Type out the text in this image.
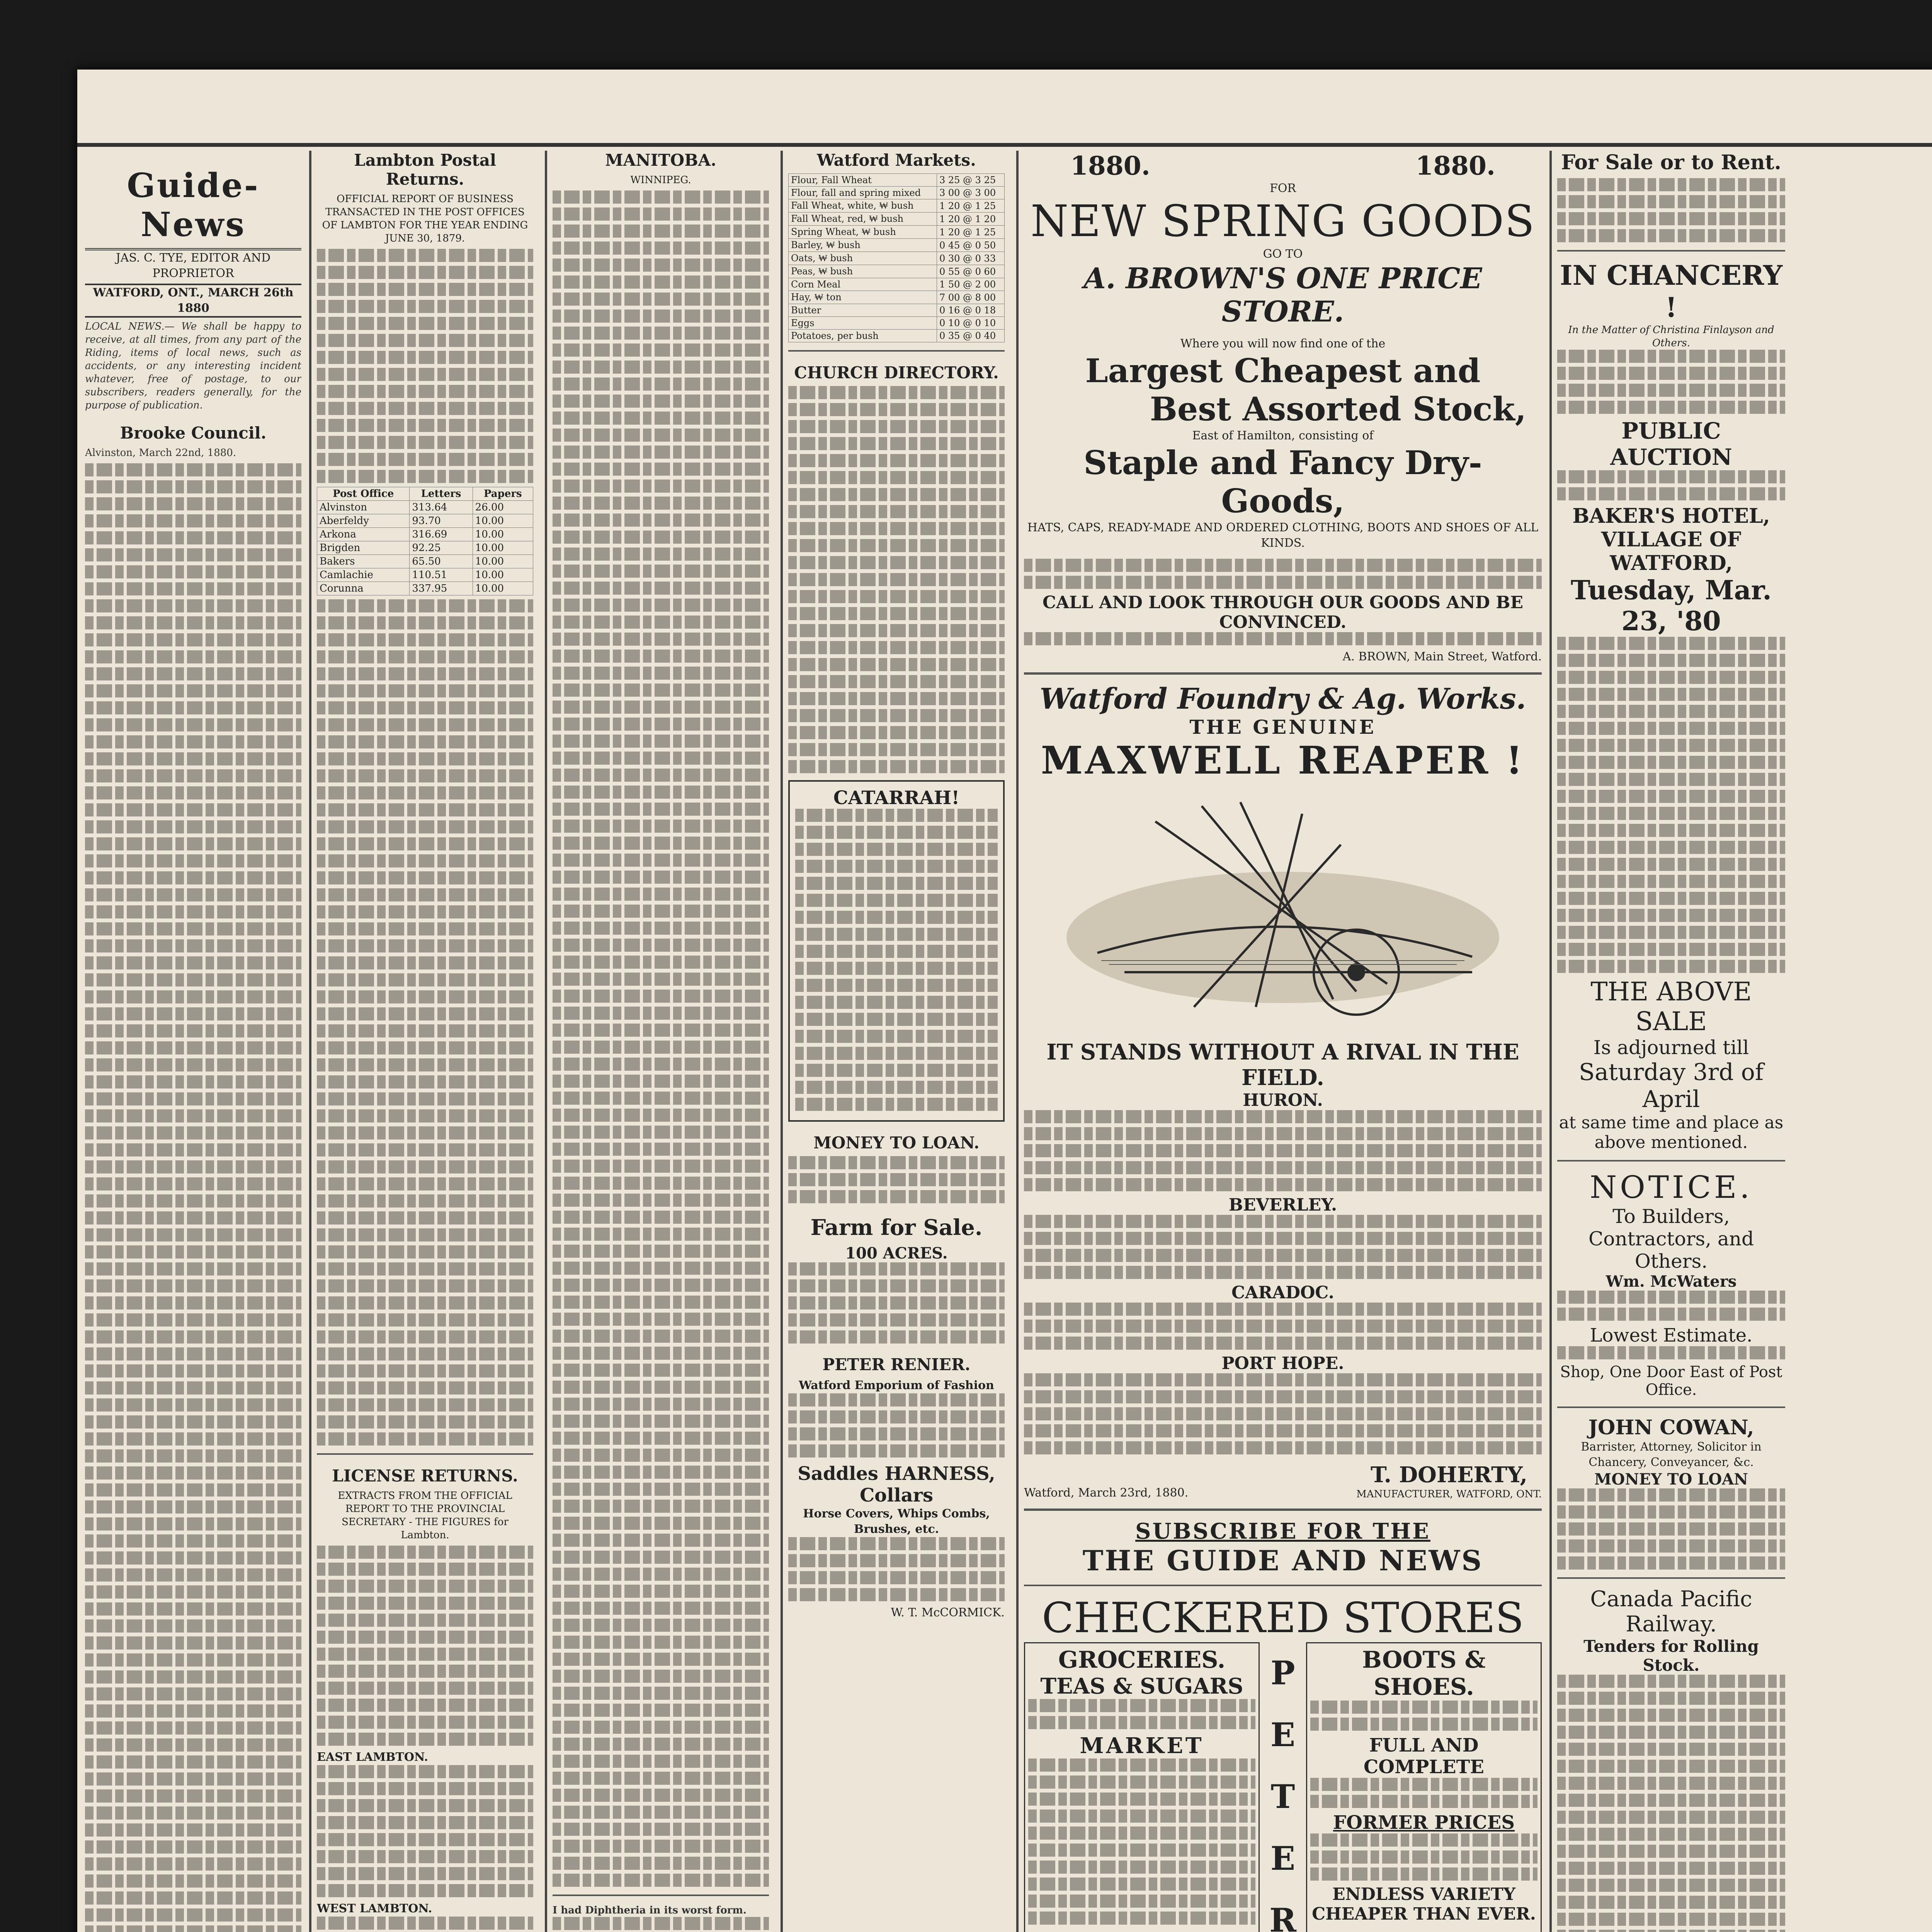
Guide-News
JAS. C. TYE, EDITOR AND PROPRIETOR
WATFORD, ONT., MARCH 26th 1880
LOCAL NEWS.— We shall be happy to receive, at all times, from any part of the Riding, items of local news, such as accidents, or any interesting incident whatever, free of postage, to our subscribers, readers generally, for the purpose of publication.
Brooke Council.
Alvinston, March 22nd, 1880.
Lambton Postal Returns.
OFFICIAL REPORT OF BUSINESS TRANSACTED IN THE POST OFFICES OF LAMBTON FOR THE YEAR ENDING JUNE 30, 1879.
Post Office	Letters	Papers
Alvinston	313.64	26.00
Aberfeldy	93.70	10.00
Arkona	316.69	10.00
Brigden	92.25	10.00
Bakers	65.50	10.00
Camlachie	110.51	10.00
Corunna	337.95	10.00
LICENSE RETURNS.
EXTRACTS FROM THE OFFICIAL REPORT TO THE PROVINCIAL SECRETARY - THE FIGURES for Lambton.
EAST LAMBTON.
WEST LAMBTON.
MANITOBA.
WINNIPEG.
I had Diphtheria in its worst form.
Watford Markets.
Flour, Fall Wheat	3 25 @ 3 25
Flour, fall and spring mixed	3 00 @ 3 00
Fall Wheat, white, ₩ bush	1 20 @ 1 25
Fall Wheat, red, ₩ bush	1 20 @ 1 20
Spring Wheat, ₩ bush	1 20 @ 1 25
Barley, ₩ bush	0 45 @ 0 50
Oats, ₩ bush	0 30 @ 0 33
Peas, ₩ bush	0 55 @ 0 60
Corn Meal	1 50 @ 2 00
Hay, ₩ ton	7 00 @ 8 00
Butter	0 16 @ 0 18
Eggs	0 10 @ 0 10
Potatoes, per bush	0 35 @ 0 40
CHURCH DIRECTORY.
CATARRAH!
MONEY TO LOAN.
Farm for Sale.
100 ACRES.
PETER RENIER.
Watford Emporium of Fashion
Saddles HARNESS, Collars
Horse Covers, Whips Combs, Brushes, etc.
W. T. McCORMICK.
1880.	1880.
FOR
NEW SPRING GOODS
GO TO
A. BROWN'S ONE PRICE STORE.
Where you will now find one of the
Largest Cheapest and
Best Assorted Stock,
East of Hamilton, consisting of
Staple and Fancy Dry-Goods,
HATS, CAPS, READY-MADE AND ORDERED CLOTHING, BOOTS AND SHOES OF ALL KINDS.
CALL AND LOOK THROUGH OUR GOODS AND BE CONVINCED.
A. BROWN, Main Street, Watford.
Watford Foundry & Ag. Works.
THE GENUINE
MAXWELL REAPER !
IT STANDS WITHOUT A RIVAL IN THE FIELD.
HURON.
BEVERLEY.
CARADOC.
PORT HOPE.
Watford, March 23rd, 1880.
T. DOHERTY,
MANUFACTURER, WATFORD, ONT.
SUBSCRIBE FOR THE
THE GUIDE AND NEWS
CHECKERED STORES
GROCERIES.
TEAS & SUGARS
MARKET
P
E
T
E
R

BOOTS & SHOES.
FULL AND COMPLETE
FORMER PRICES
ENDLESS VARIETY
CHEAPER THAN EVER.

For Sale or to Rent.
IN CHANCERY !
In the Matter of Christina Finlayson and Others.
PUBLIC AUCTION
BAKER'S HOTEL,
VILLAGE OF WATFORD,
Tuesday, Mar. 23, '80
THE ABOVE SALE
Is adjourned till
Saturday 3rd of April
at same time and place as above mentioned.
NOTICE.
To Builders, Contractors, and Others.
Wm. McWaters
Lowest Estimate.
Shop, One Door East of Post Office.
JOHN COWAN,
Barrister, Attorney, Solicitor in Chancery, Conveyancer, &c.
MONEY TO LOAN
Canada Pacific Railway.
Tenders for Rolling Stock.
